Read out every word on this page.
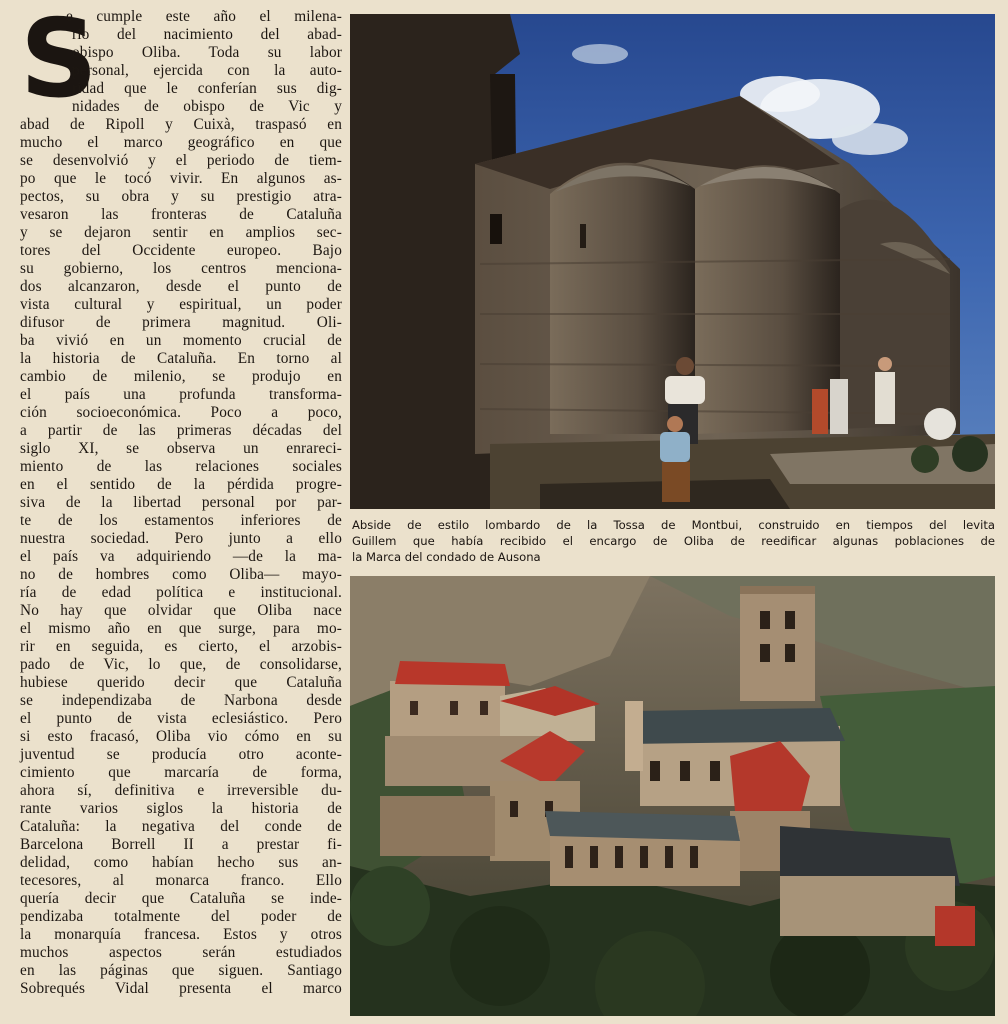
S
e cumple este año el milena-
rio del nacimiento del abad-
obispo Oliba. Toda su labor
personal, ejercida con la auto-
ridad que le conferían sus dig-
nidades de obispo de Vic y
abad de Ripoll y Cuixà, traspasó en
mucho el marco geográfico en que
se desenvolvió y el periodo de tiem-
po que le tocó vivir. En algunos as-
pectos, su obra y su prestigio atra-
vesaron las fronteras de Cataluña
y se dejaron sentir en amplios sec-
tores del Occidente europeo. Bajo
su gobierno, los centros menciona-
dos alcanzaron, desde el punto de
vista cultural y espiritual, un poder
difusor de primera magnitud. Oli-
ba vivió en un momento crucial de
la historia de Cataluña. En torno al
cambio de milenio, se produjo en
el país una profunda transforma-
ción socioeconómica. Poco a poco,
a partir de las primeras décadas del
siglo XI, se observa un enrareci-
miento de las relaciones sociales
en el sentido de la pérdida progre-
siva de la libertad personal por par-
te de los estamentos inferiores de
nuestra sociedad. Pero junto a ello
el país va adquiriendo —de la ma-
no de hombres como Oliba— mayo-
ría de edad política e institucional.
No hay que olvidar que Oliba nace
el mismo año en que surge, para mo-
rir en seguida, es cierto, el arzobis-
pado de Vic, lo que, de consolidarse,
hubiese querido decir que Cataluña
se independizaba de Narbona desde
el punto de vista eclesiástico. Pero
si esto fracasó, Oliba vio cómo en su
juventud se producía otro aconte-
cimiento que marcaría de forma,
ahora sí, definitiva e irreversible du-
rante varios siglos la historia de
Cataluña: la negativa del conde de
Barcelona Borrell II a prestar fi-
delidad, como habían hecho sus an-
tecesores, al monarca franco. Ello
quería decir que Cataluña se inde-
pendizaba totalmente del poder de
la monarquía francesa. Estos y otros
muchos aspectos serán estudiados
en las páginas que siguen. Santiago
Sobrequés Vidal presenta el marco
Abside de estilo lombardo de la Tossa de Montbui, construido en tiempos del levita
Guillem que había recibido el encargo de Oliba de reedificar algunas poblaciones de
la Marca del condado de Ausona
